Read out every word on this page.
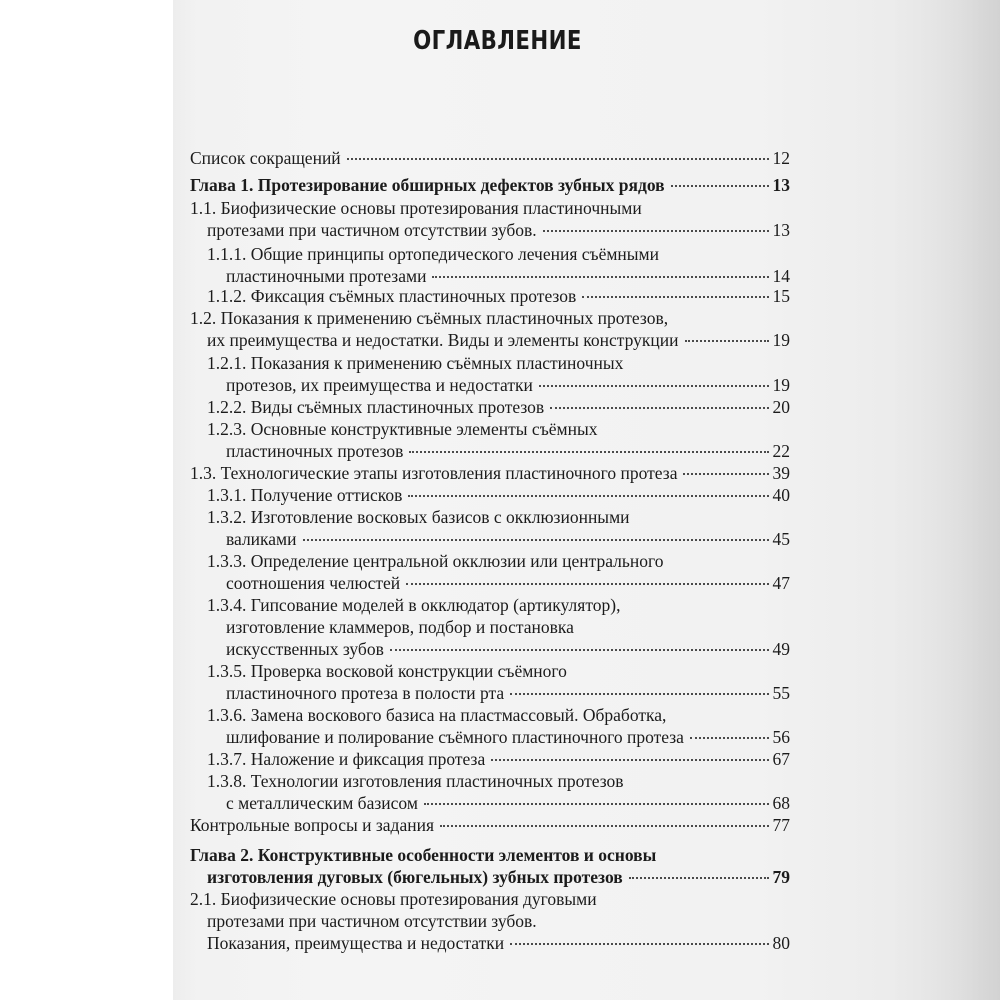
ОГЛАВЛЕНИЕ
Список сокращений	12
Глава 1. Протезирование обширных дефектов зубных рядов	13
1.1. Биофизические основы протезирования пластиночными
протезами при частичном отсутствии зубов.	13
1.1.1. Общие принципы ортопедического лечения съёмными
пластиночными протезами	14
1.1.2. Фиксация съёмных пластиночных протезов	15
1.2. Показания к применению съёмных пластиночных протезов,
их преимущества и недостатки. Виды и элементы конструкции	19
1.2.1. Показания к применению съёмных пластиночных
протезов, их преимущества и недостатки	19
1.2.2. Виды съёмных пластиночных протезов	20
1.2.3. Основные конструктивные элементы съёмных
пластиночных протезов	22
1.3. Технологические этапы изготовления пластиночного протеза	39
1.3.1. Получение оттисков	40
1.3.2. Изготовление восковых базисов с окклюзионными
валиками	45
1.3.3. Определение центральной окклюзии или центрального
соотношения челюстей	47
1.3.4. Гипсование моделей в окклюдатор (артикулятор),
изготовление кламмеров, подбор и постановка
искусственных зубов	49
1.3.5. Проверка восковой конструкции съёмного
пластиночного протеза в полости рта	55
1.3.6. Замена воскового базиса на пластмассовый. Обработка,
шлифование и полирование съёмного пластиночного протеза	56
1.3.7. Наложение и фиксация протеза	67
1.3.8. Технологии изготовления пластиночных протезов
с металлическим базисом	68
Контрольные вопросы и задания	77
Глава 2. Конструктивные особенности элементов и основы
изготовления дуговых (бюгельных) зубных протезов	79
2.1. Биофизические основы протезирования дуговыми
протезами при частичном отсутствии зубов.
Показания, преимущества и недостатки	80
